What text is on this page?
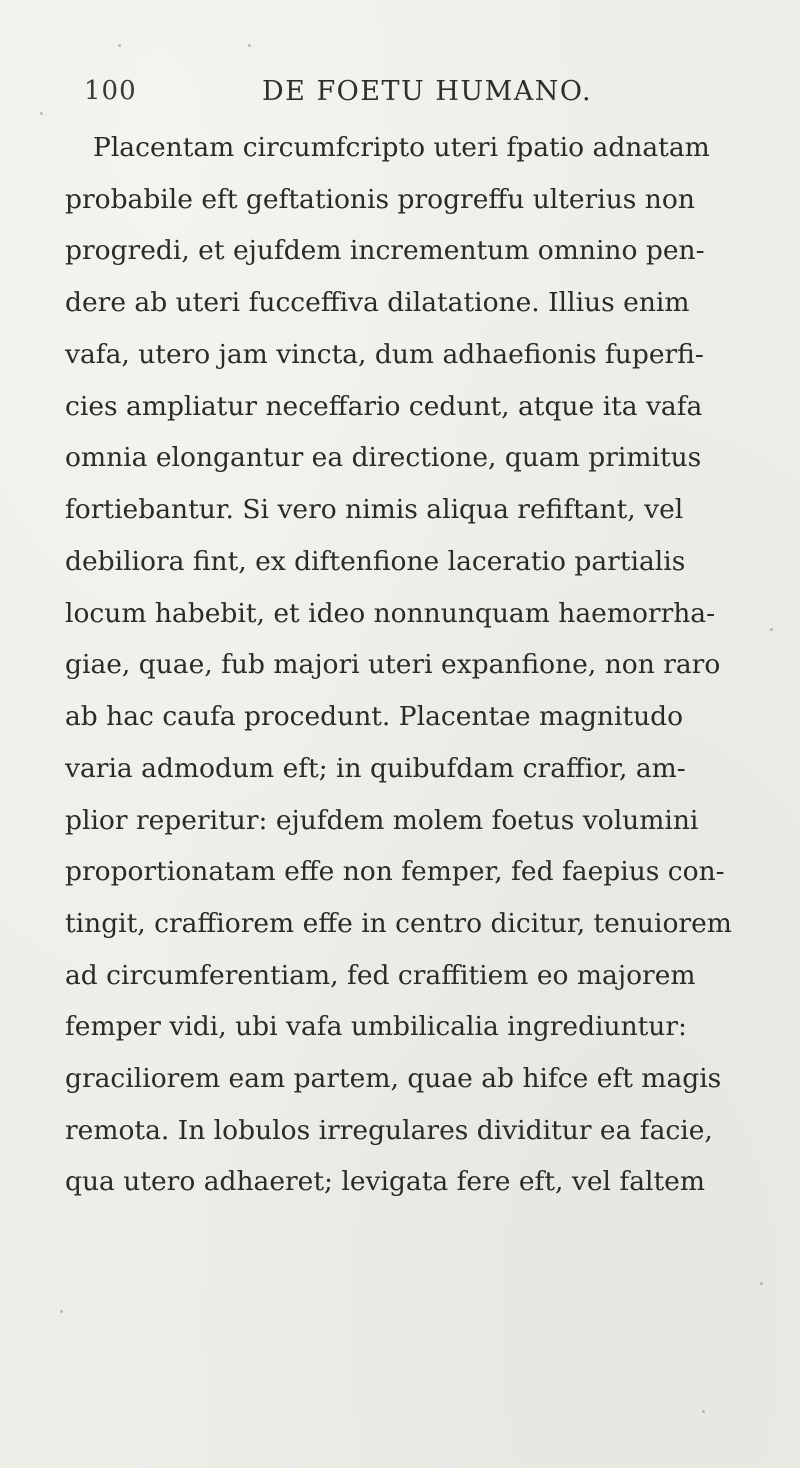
100	DE FOETU HUMANO.
Placentam circumfcripto uteri fpatio adnatam
probabile eft geftationis progreffu ulterius non
progredi, et ejufdem incrementum omnino pen-
dere ab uteri fucceffiva dilatatione. Illius enim
vafa, utero jam vincta, dum adhaefionis fuperfi-
cies ampliatur neceffario cedunt, atque ita vafa
omnia elongantur ea directione, quam primitus
fortiebantur. Si vero nimis aliqua refiftant, vel
debiliora fint, ex diftenfione laceratio partialis
locum habebit, et ideo nonnunquam haemorrha-
giae, quae, fub majori uteri expanfione, non raro
ab hac caufa procedunt. Placentae magnitudo
varia admodum eft; in quibufdam craffior, am-
plior reperitur: ejufdem molem foetus volumini
proportionatam effe non femper, fed faepius con-
tingit, craffiorem effe in centro dicitur, tenuiorem
ad circumferentiam, fed craffitiem eo majorem
femper vidi, ubi vafa umbilicalia ingrediuntur:
graciliorem eam partem, quae ab hifce eft magis
remota. In lobulos irregulares dividitur ea facie,
qua utero adhaeret; levigata fere eft, vel faltem
